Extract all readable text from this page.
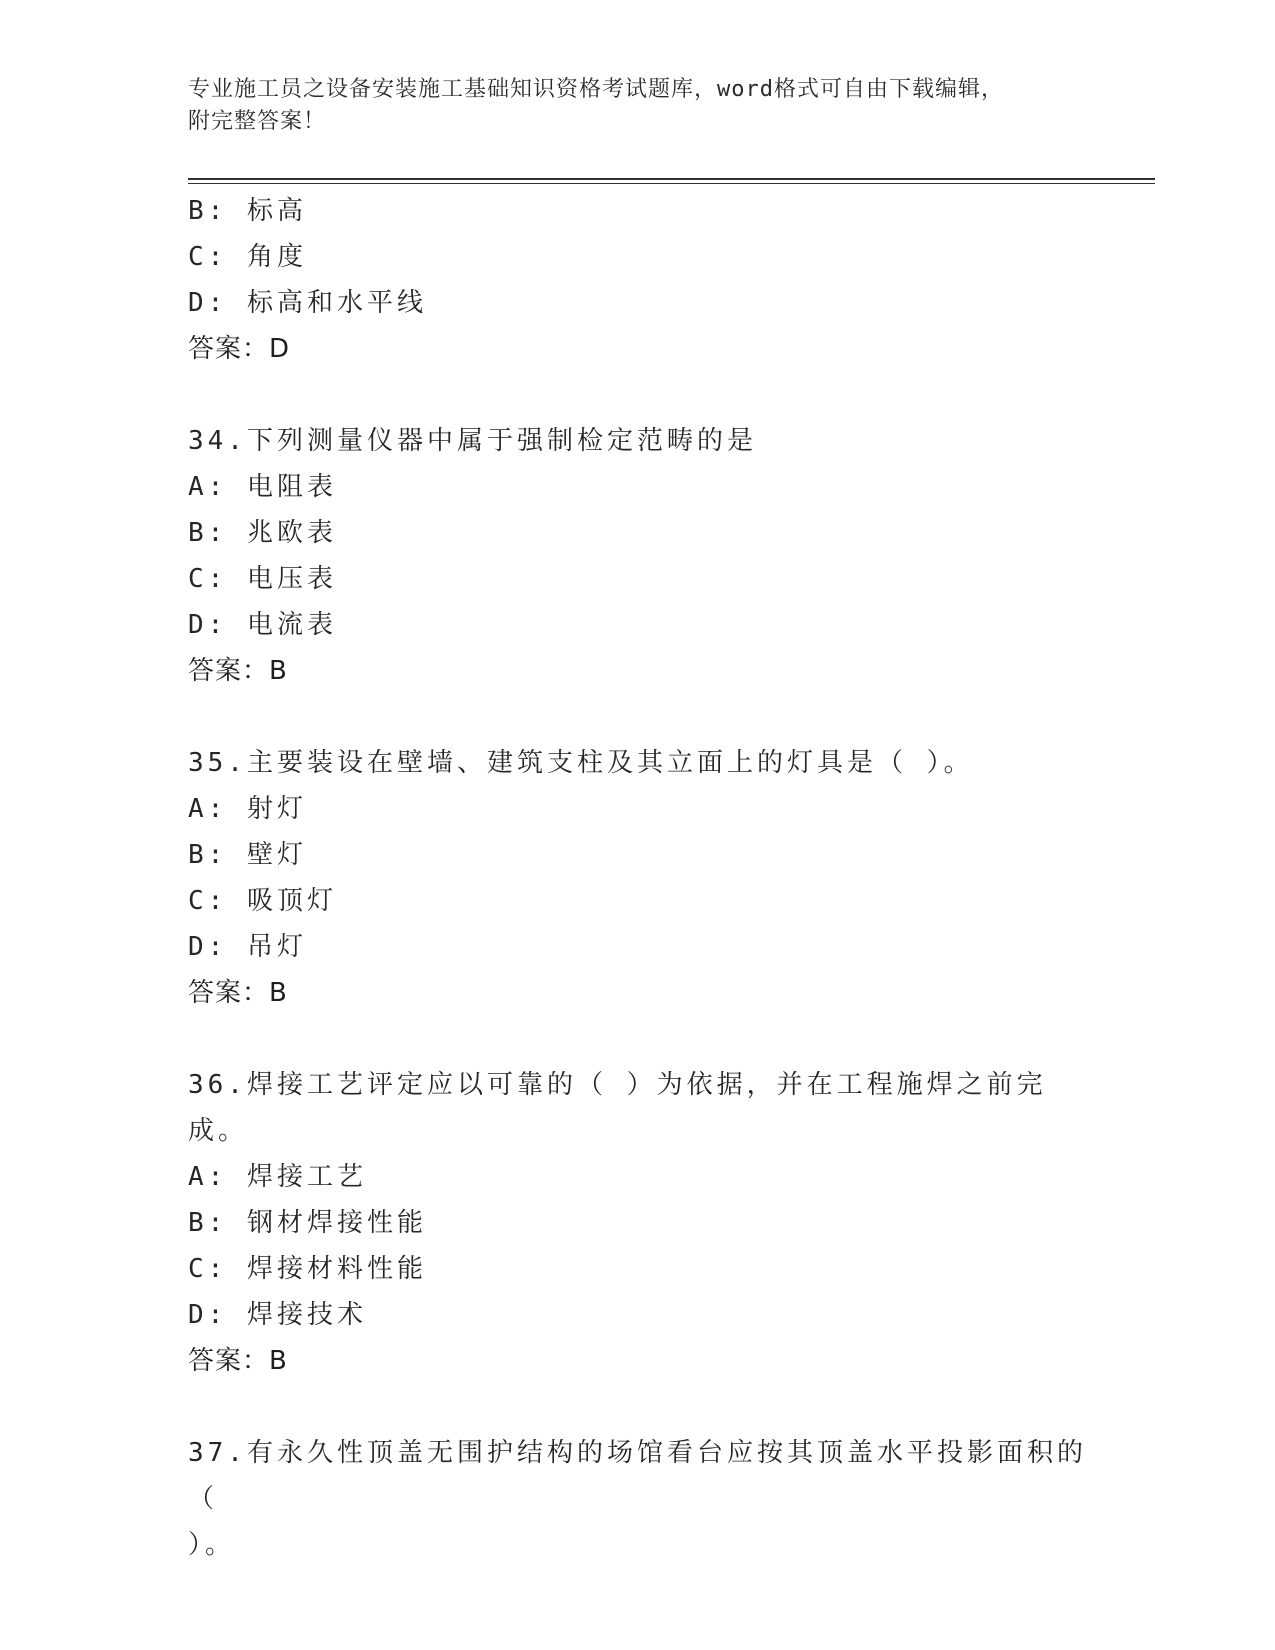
专业施工员之设备安装施工基础知识资格考试题库，word格式可自由下载编辑，
附完整答案！
B: 标高
C: 角度
D: 标高和水平线
答案：D
34.下列测量仪器中属于强制检定范畴的是
A: 电阻表
B: 兆欧表
C: 电压表
D: 电流表
答案：B
35.主要装设在壁墙、建筑支柱及其立面上的灯具是（ ）。
A: 射灯
B: 壁灯
C: 吸顶灯
D: 吊灯
答案：B
36.焊接工艺评定应以可靠的（ ）为依据，并在工程施焊之前完成。
A: 焊接工艺
B: 钢材焊接性能
C: 焊接材料性能
D: 焊接技术
答案：B
37.有永久性顶盖无围护结构的场馆看台应按其顶盖水平投影面积的（
）。
